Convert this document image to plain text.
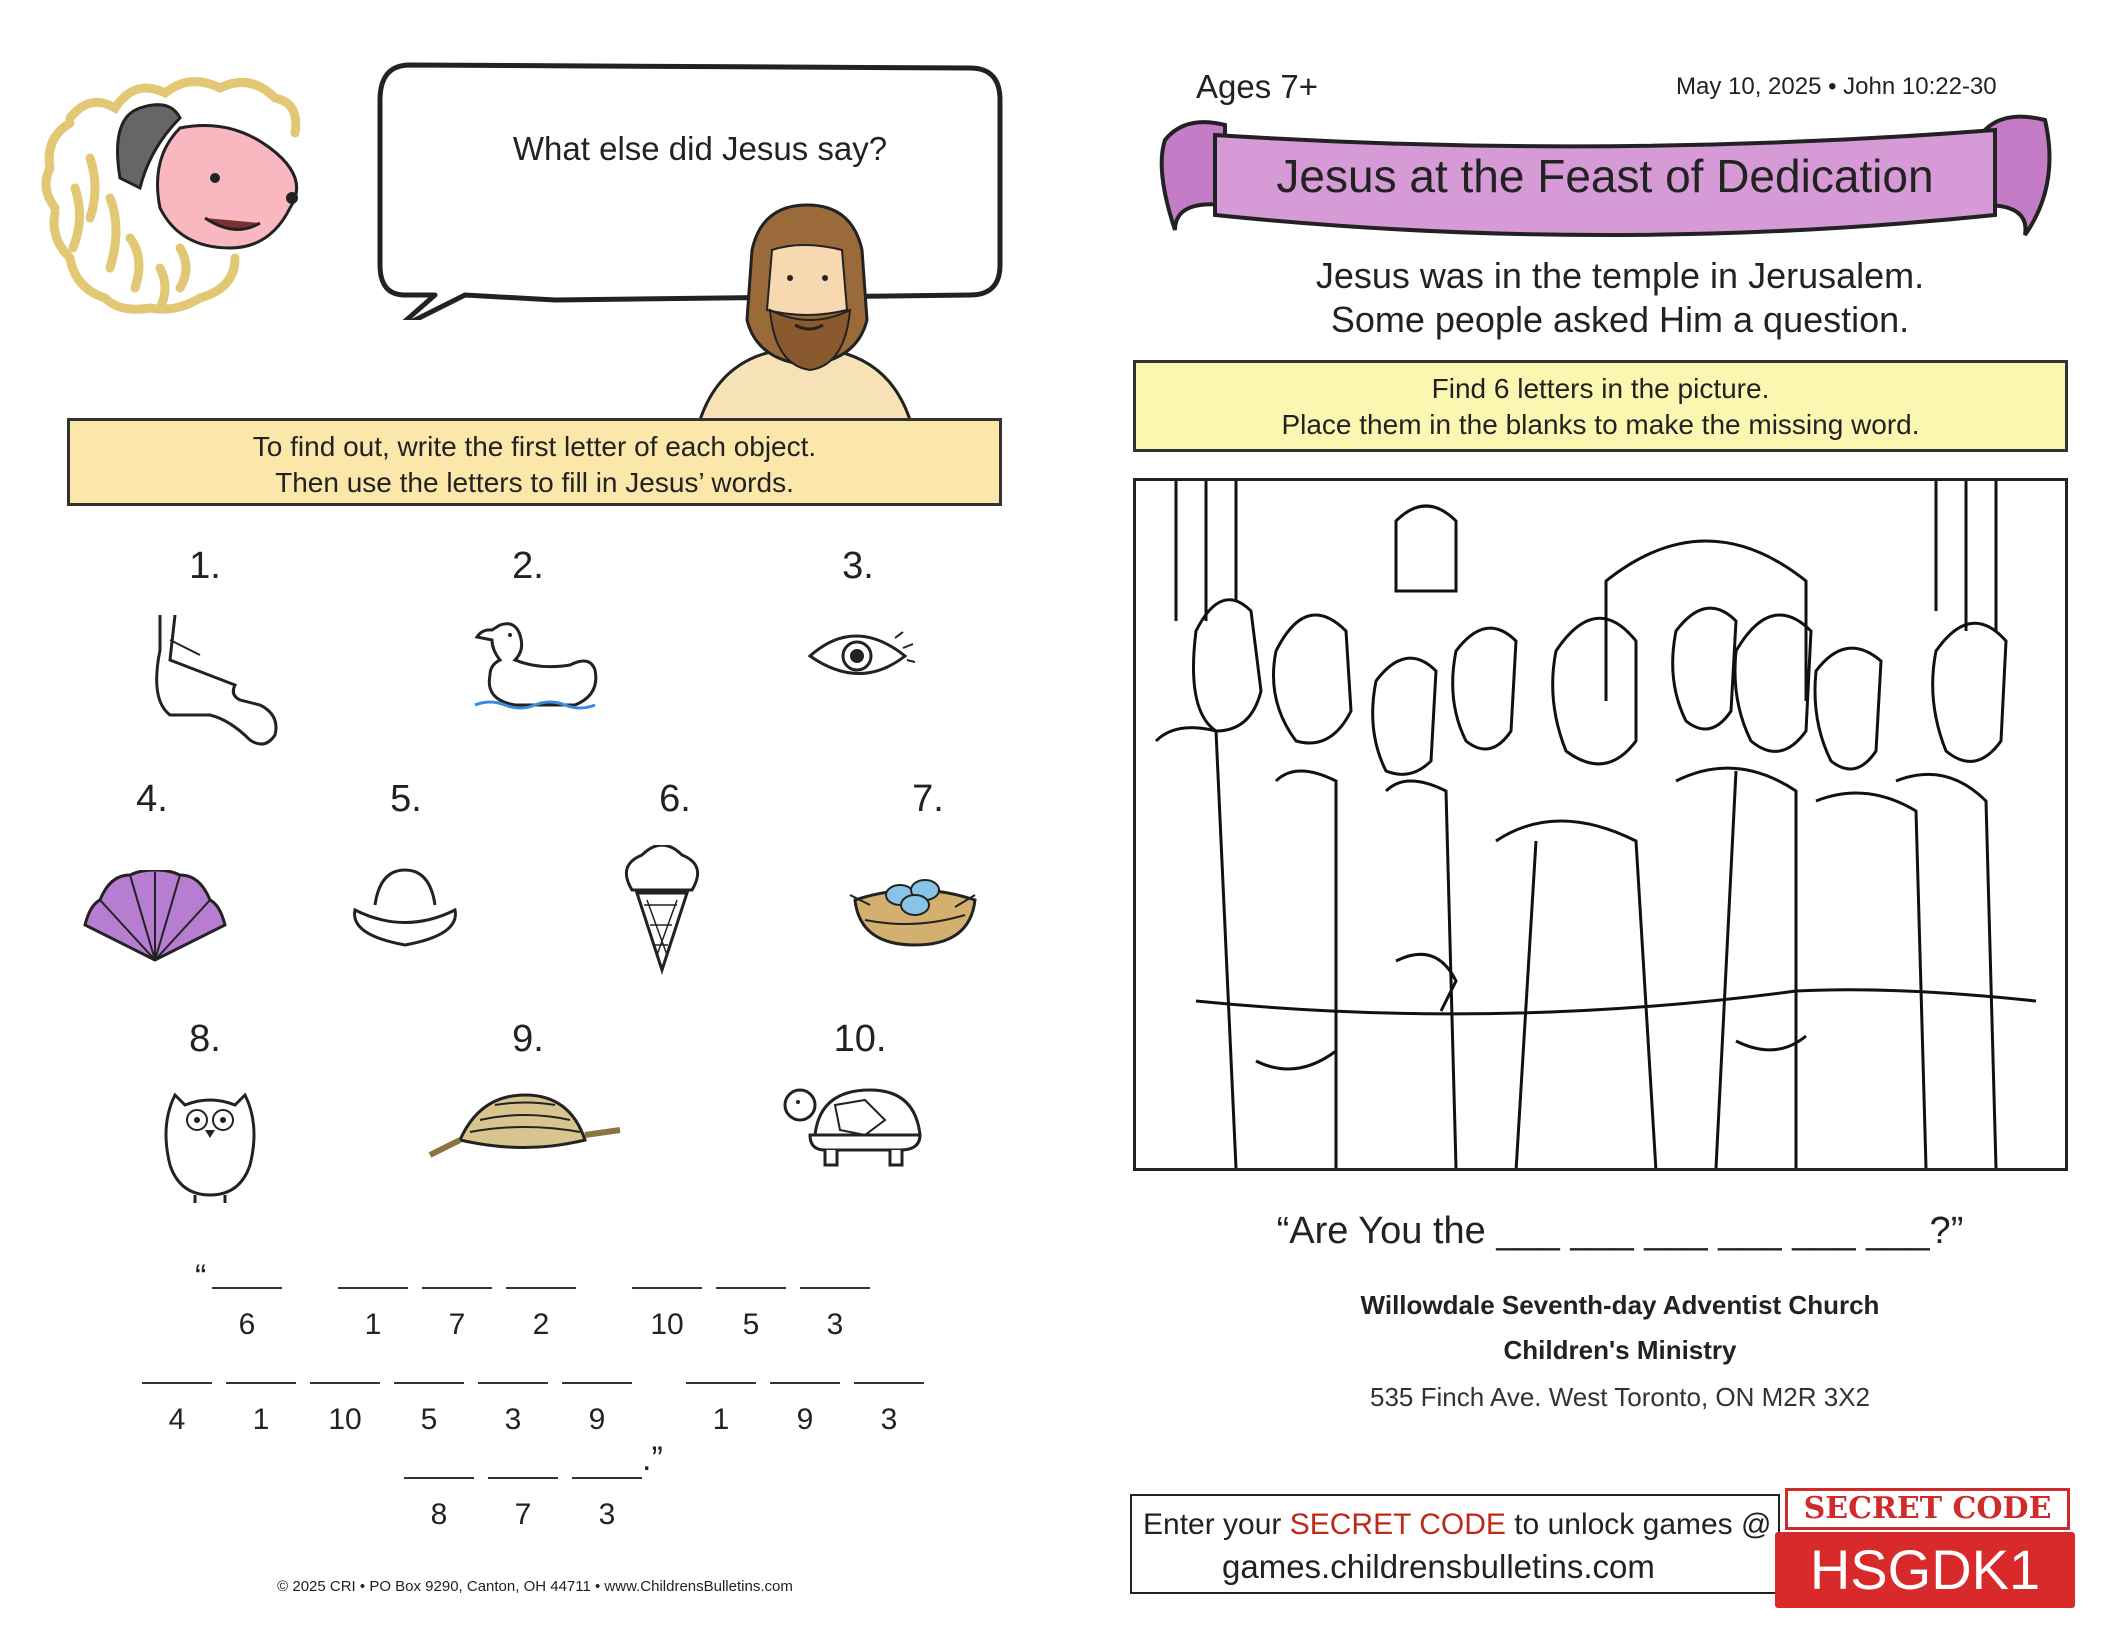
What else did Jesus say?
To find out, write the first letter of each object.
Then use the letters to fill in Jesus’ words.
1.	2.	3.
4.	5.	6.	7.
8.	9.	10.
“
6	1	7	2	10	5	3
4	1	10	5	3	9	1	9	3
.”
8	7	3
© 2025 CRI • PO Box 9290, Canton, OH 44711 • www.ChildrensBulletins.com
Ages 7+	May 10, 2025 • John 10:22-30
Jesus at the Feast of Dedication
Jesus was in the temple in Jerusalem.
Some people asked Him a question.
Find 6 letters in the picture.
Place them in the blanks to make the missing word.
“Are You the ___ ___ ___ ___ ___ ___?”
Willowdale Seventh-day Adventist Church
Children's Ministry
535 Finch Ave. West Toronto, ON M2R 3X2
Enter your SECRET CODE to unlock games @
games.childrensbulletins.com
SECRET CODE
HSGDK1
